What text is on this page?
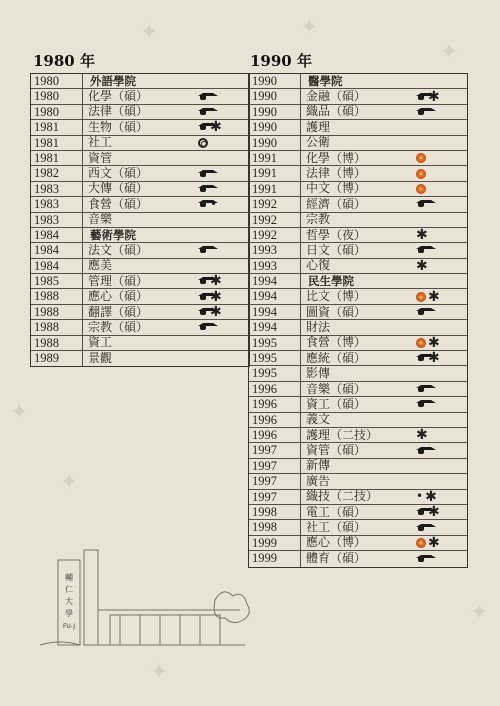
✦	✦
✦
✦
✦
✦
✦
1980 年	1990 年
1980	外語學院
1980	化學（碩）
1980	法律（碩）
1981	生物（碩）	✱
1981	社工
1981	資管
1982	西文（碩）
1983	大傳（碩）
1983	食營（碩）	•
1983	音樂
1984	藝術學院
1984	法文（碩）
1984	應美
1985	管理（碩）	✱
1988	應心（碩）	✱
1988	翻譯（碩）	✱
1988	宗教（碩）
1988	資工
1989	景觀
1990	醫學院
1990	金融（碩）	✱
1990	織品（碩）
1990	護理
1990	公衛
1991	化學（博）
1991	法律（博）
1991	中文（博）
1992	經濟（碩）
1992	宗教
1992	哲學（夜）	✱
1993	日文（碩）
1993	心復	✱
1994	民生學院
1994	比文（博）	✱
1994	圖資（碩）
1994	財法
1995	食營（博）	✱
1995	應統（碩）	✱
1995	影傳
1996	音樂（碩）
1996	資工（碩）
1996	義文
1996	護理（二技）	✱
1997	資管（碩）
1997	新傳
1997	廣告
1997	織技（二技）	• ✱
1998	電工（碩）	✱
1998	社工（碩）
1999	應心（博）	✱
1999	體育（碩）
輔
仁
大
學
FU-J
